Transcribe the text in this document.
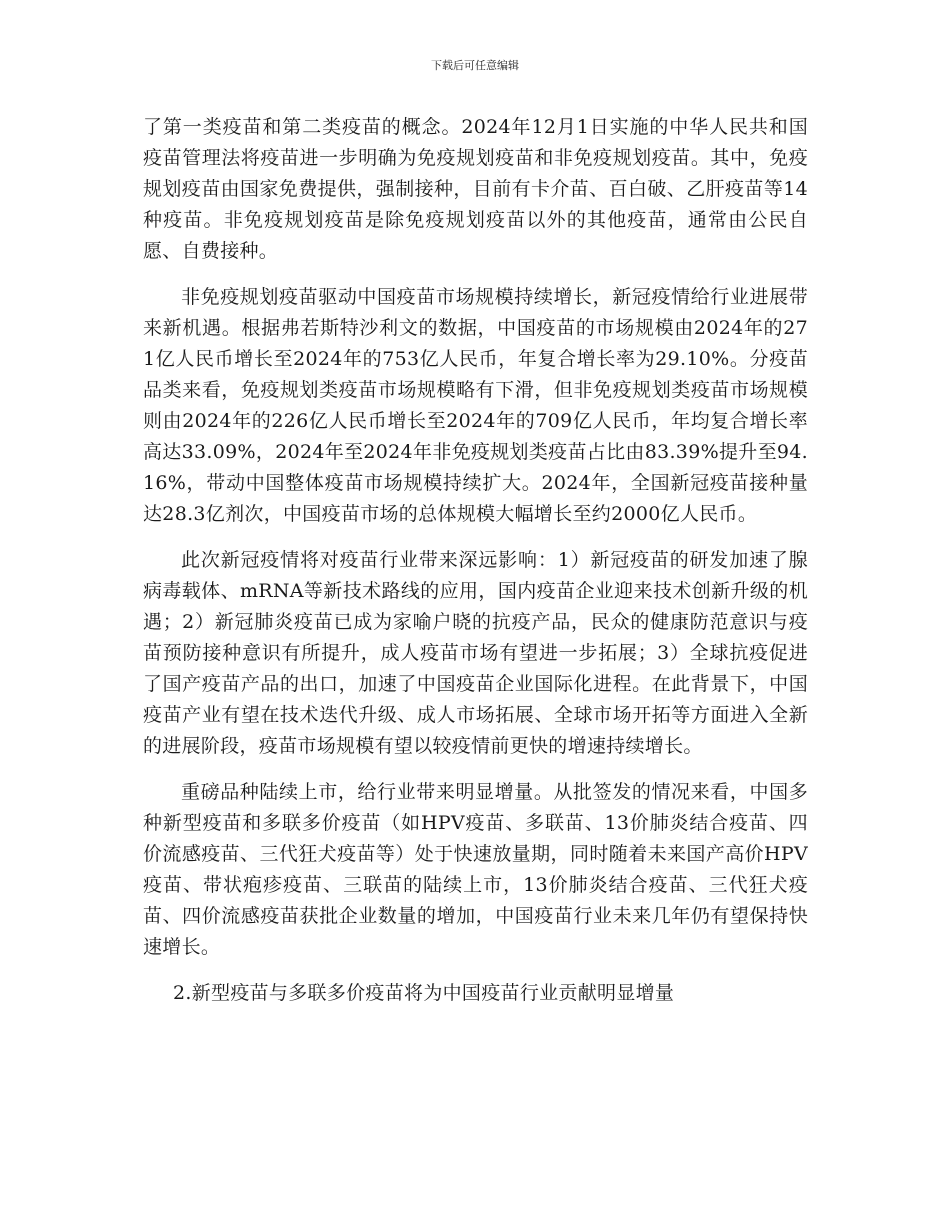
下载后可任意编辑

了第一类疫苗和第二类疫苗的概念。2024年12月1日实施的中华人民共和国疫苗管理法将疫苗进一步明确为免疫规划疫苗和非免疫规划疫苗。其中，免疫规划疫苗由国家免费提供，强制接种，目前有卡介苗、百白破、乙肝疫苗等14种疫苗。非免疫规划疫苗是除免疫规划疫苗以外的其他疫苗，通常由公民自愿、自费接种。

非免疫规划疫苗驱动中国疫苗市场规模持续增长，新冠疫情给行业进展带来新机遇。根据弗若斯特沙利文的数据，中国疫苗的市场规模由2024年的271亿人民币增长至2024年的753亿人民币，年复合增长率为29.10%。分疫苗品类来看，免疫规划类疫苗市场规模略有下滑，但非免疫规划类疫苗市场规模则由2024年的226亿人民币增长至2024年的709亿人民币，年均复合增长率高达33.09%，2024年至2024年非免疫规划类疫苗占比由83.39%提升至94.16%，带动中国整体疫苗市场规模持续扩大。2024年，全国新冠疫苗接种量达28.3亿剂次，中国疫苗市场的总体规模大幅增长至约2000亿人民币。

此次新冠疫情将对疫苗行业带来深远影响：1）新冠疫苗的研发加速了腺病毒载体、mRNA等新技术路线的应用，国内疫苗企业迎来技术创新升级的机遇；2）新冠肺炎疫苗已成为家喻户晓的抗疫产品，民众的健康防范意识与疫苗预防接种意识有所提升，成人疫苗市场有望进一步拓展；3）全球抗疫促进了国产疫苗产品的出口，加速了中国疫苗企业国际化进程。在此背景下，中国疫苗产业有望在技术迭代升级、成人市场拓展、全球市场开拓等方面进入全新的进展阶段，疫苗市场规模有望以较疫情前更快的增速持续增长。

重磅品种陆续上市，给行业带来明显增量。从批签发的情况来看，中国多种新型疫苗和多联多价疫苗（如HPV疫苗、多联苗、13价肺炎结合疫苗、四价流感疫苗、三代狂犬疫苗等）处于快速放量期，同时随着未来国产高价HPV疫苗、带状疱疹疫苗、三联苗的陆续上市，13价肺炎结合疫苗、三代狂犬疫苗、四价流感疫苗获批企业数量的增加，中国疫苗行业未来几年仍有望保持快速增长。

2.新型疫苗与多联多价疫苗将为中国疫苗行业贡献明显增量
